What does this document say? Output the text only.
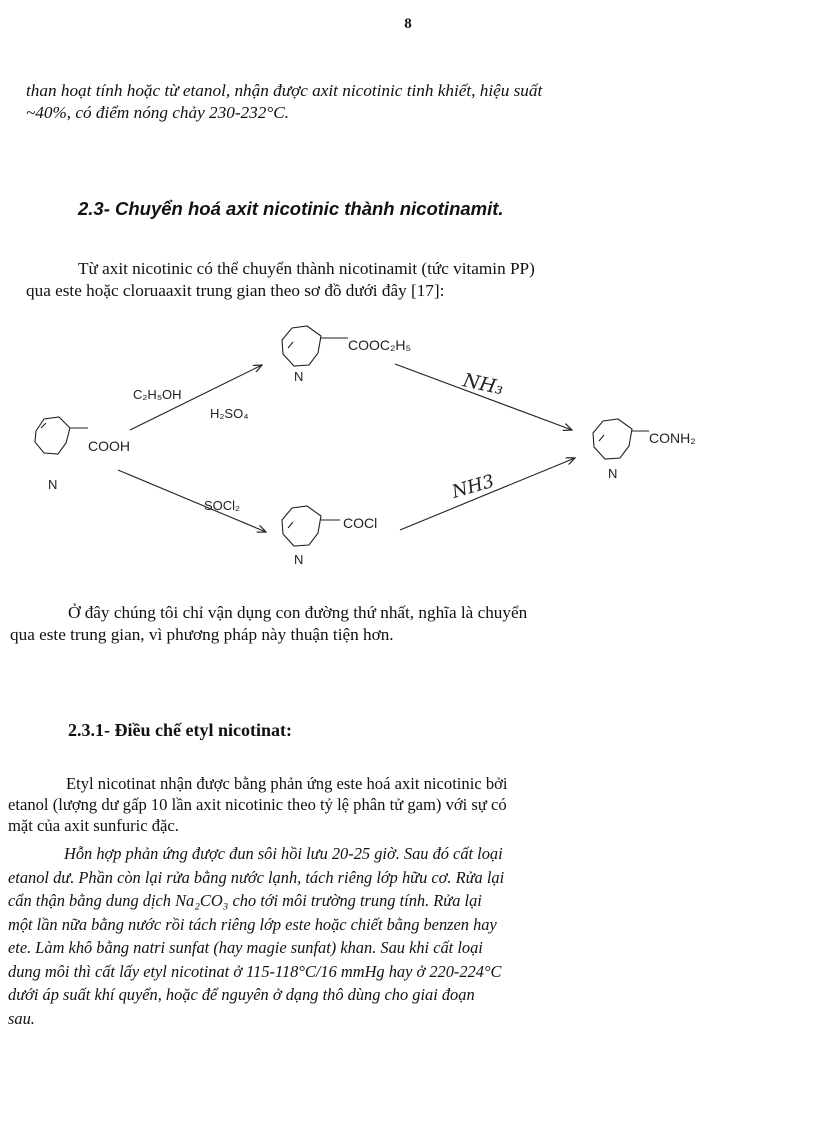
8
than hoạt tính hoặc từ etanol, nhận được axit nicotinic tinh khiết, hiệu suất
~40%, có điểm nóng chảy 230-232°C.
2.3- Chuyển hoá axit nicotinic thành nicotinamit.
Từ axit nicotinic có thể chuyển thành nicotinamit (tức vitamin PP)
qua este hoặc cloruaaxit trung gian theo sơ đồ dưới đây [17]:
COOH
N
COOC₂H₅
N
COCl
N
CONH₂
N
C₂H₅OH
H₂SO₄
SOCl₂
NH₃
NH3
Ở đây chúng tôi chỉ vận dụng con đường thứ nhất, nghĩa là chuyển
qua este trung gian, vì phương pháp này thuận tiện hơn.
2.3.1- Điều chế etyl nicotinat:
Etyl nicotinat nhận được bằng phản ứng este hoá axit nicotinic bởi
etanol (lượng dư gấp 10 lần axit nicotinic theo tỷ lệ phân tử gam) với sự có
mặt của axit sunfuric đặc.
Hỗn hợp phản ứng được đun sôi hồi lưu 20-25 giờ. Sau đó cất loại
etanol dư. Phần còn lại rửa bằng nước lạnh, tách riêng lớp hữu cơ. Rửa lại
cẩn thận bằng dung dịch Na₂CO₃ cho tới môi trường trung tính. Rửa lại
một lần nữa bằng nước rồi tách riêng lớp este hoặc chiết bằng benzen hay
ete. Làm khô bằng natri sunfat (hay magie sunfat) khan. Sau khi cất loại
dung môi thì cất lấy etyl nicotinat ở 115-118°C/16 mmHg hay ở 220-224°C
dưới áp suất khí quyển, hoặc để nguyên ở dạng thô dùng cho giai đoạn
sau.
